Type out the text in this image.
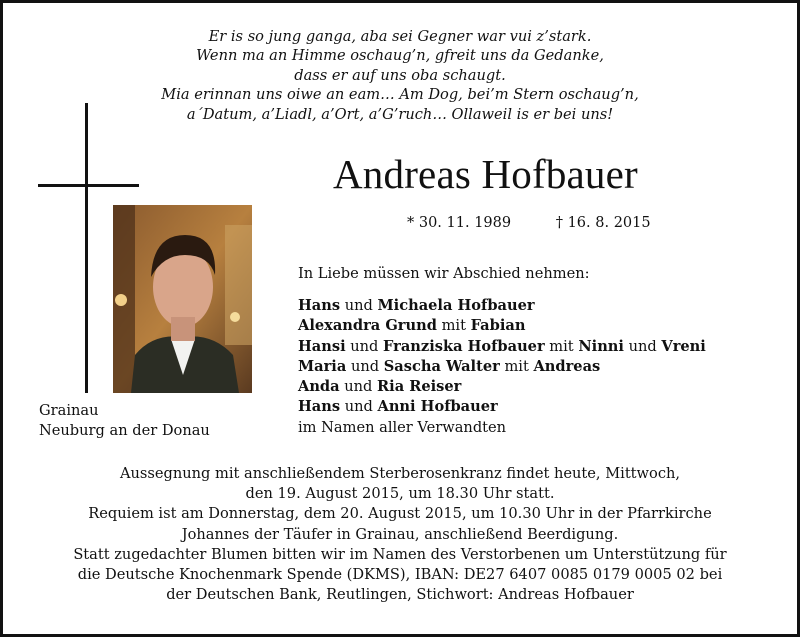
Er is so jung ganga, aba sei Gegner war vui z’stark.
Wenn ma an Himme oschaug’n, gfreit uns da Gedanke,
dass er auf uns oba schaugt.
Mia erinnan uns oiwe an eam… Am Dog, bei’m Stern oschaug’n,
a´Datum, a’Liadl, a’Ort, a’G’ruch… Ollaweil is er bei uns!
Andreas Hofbauer
* 30. 11. 1989	† 16. 8. 2015
Grainau
Neuburg an der Donau
In Liebe müssen wir Abschied nehmen:
Hans und Michaela Hofbauer
Alexandra Grund mit Fabian
Hansi und Franziska Hofbauer mit Ninni und Vreni
Maria und Sascha Walter mit Andreas
Anda und Ria Reiser
Hans und Anni Hofbauer
im Namen aller Verwandten
Aussegnung mit anschließendem Sterberosenkranz findet heute, Mittwoch,
den 19. August 2015, um 18.30 Uhr statt.
Requiem ist am Donnerstag, dem 20. August 2015, um 10.30 Uhr in der Pfarrkirche
Johannes der Täufer in Grainau, anschließend Beerdigung.
Statt zugedachter Blumen bitten wir im Namen des Verstorbenen um Unterstützung für
die Deutsche Knochenmark Spende (DKMS), IBAN: DE27 6407 0085 0179 0005 02 bei
der Deutschen Bank, Reutlingen, Stichwort: Andreas Hofbauer
